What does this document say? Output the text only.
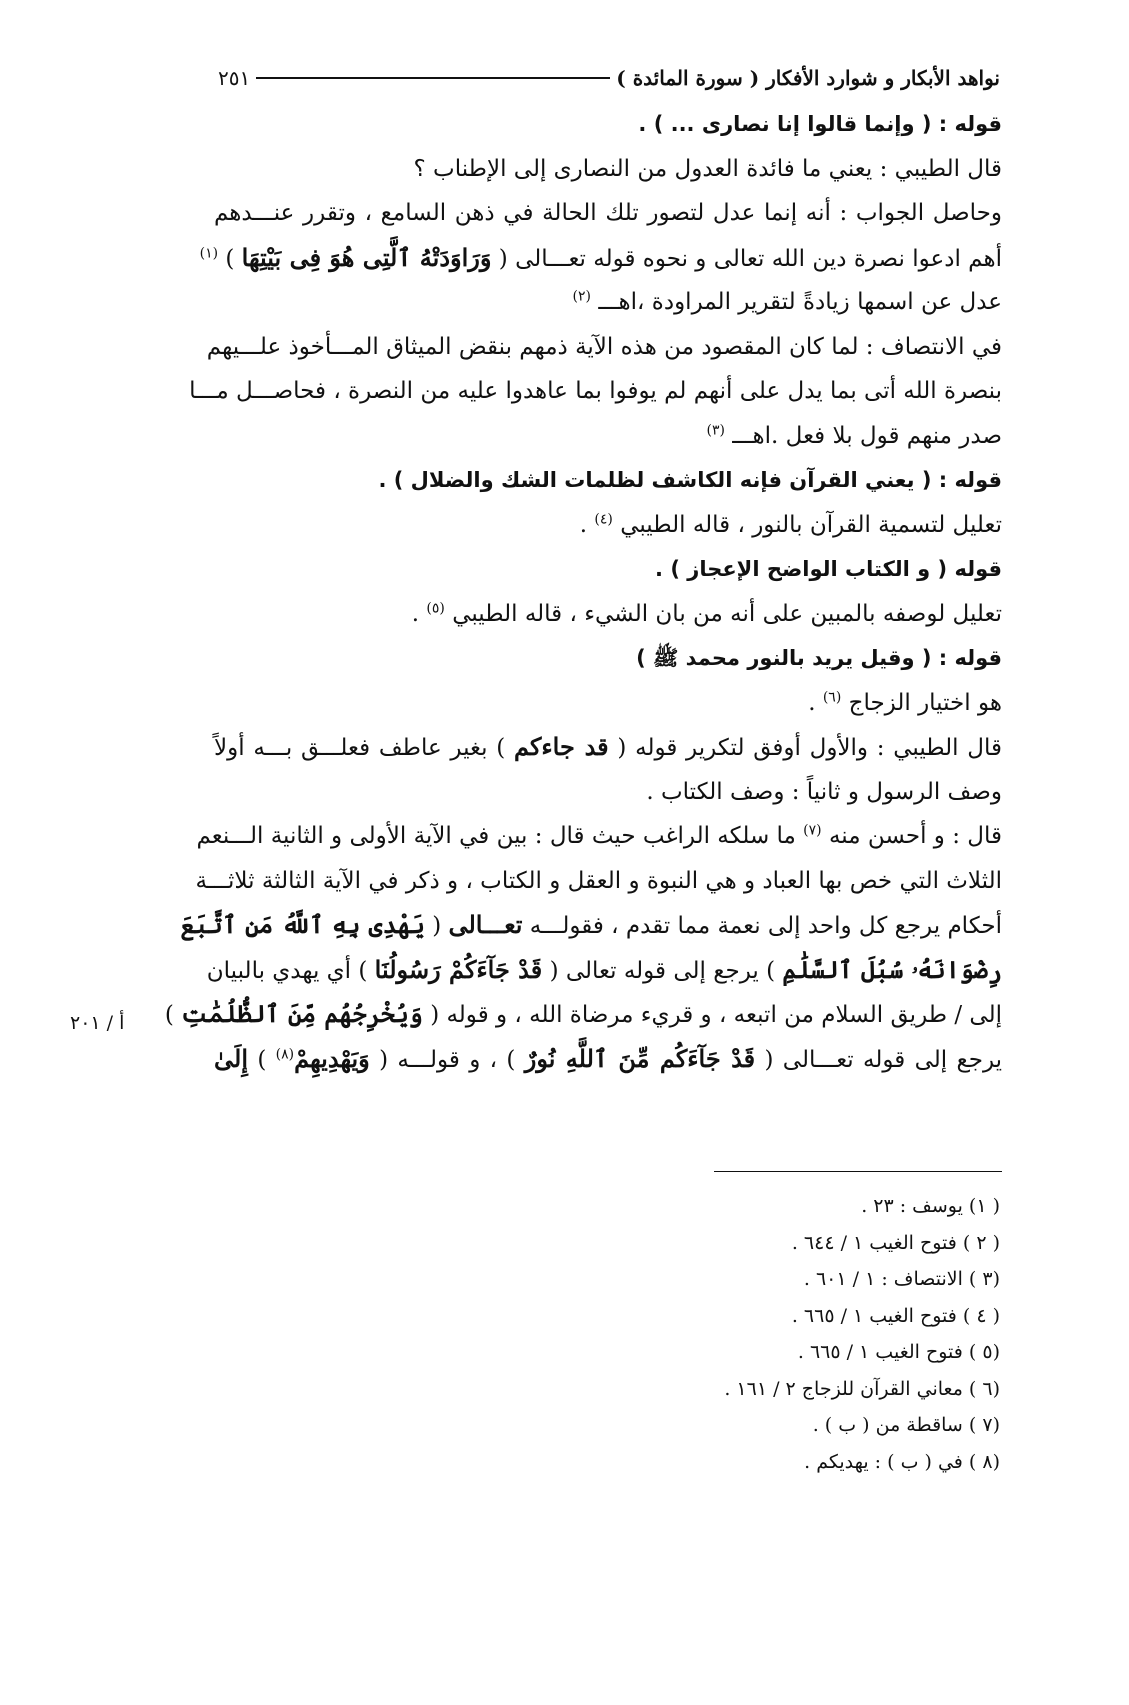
نواهد الأبكار و شوارد الأفكار ( سورة المائدة )
٢٥١
قوله : ( وإنما قالوا إنا نصارى ... ) .
قال الطيبي : يعني ما فائدة العدول من النصارى إلى الإطناب ؟
وحاصل الجواب : أنه إنما عدل لتصور تلك الحالة في ذهن السامع ، وتقرر عنـــدهم
أهم ادعوا نصرة دين الله تعالى و نحوه قوله تعـــالى ( وَرَاوَدَتْهُ ٱلَّتِى هُوَ فِى بَيْتِهَا ) $^{(١)}$
عدل عن اسمها زيادةً لتقرير المراودة ،اهـــ $^{(٢)}$
في الانتصاف : لما كان المقصود من هذه الآية ذمهم بنقض الميثاق المـــأخوذ علـــيهم
بنصرة الله أتى بما يدل على أنهم لم يوفوا بما عاهدوا عليه من النصرة ، فحاصـــل مـــا
صدر منهم قول بلا فعل .اهـــ $^{(٣)}$
قوله : ( يعني القرآن فإنه الكاشف لظلمات الشك والضلال ) .
تعليل لتسمية القرآن بالنور ، قاله الطيبي $^{(٤)}$ .
قوله ( و الكتاب الواضح الإعجاز ) .
تعليل لوصفه بالمبين على أنه من بان الشيء ، قاله الطيبي $^{(٥)}$ .
قوله : ( وقيل يريد بالنور محمد ﷺ )
هو اختيار الزجاج $^{(٦)}$ .
قال الطيبي : والأول أوفق لتكرير قوله ( قد جاءكم ) بغير عاطف فعلـــق بـــه أولاً
وصف الرسول و ثانياً : وصف الكتاب .
قال : و أحسن منه $^{(٧)}$ ما سلكه الراغب حيث قال : بين في الآية الأولى و الثانية الـــنعم
الثلاث التي خص بها العباد و هي النبوة و العقل و الكتاب ، و ذكر في الآية الثالثة ثلاثـــة
أحكام يرجع كل واحد إلى نعمة مما تقدم ، فقولـــه تعـــالى ( يَهْدِى بِهِ ٱللَّهُ مَنِ ٱتَّبَعَ
رِضْوَانَهُۥ سُبُلَ ٱلسَّلَٰمِ ) يرجع إلى قوله تعالى ( قَدْ جَآءَكُمْ رَسُولُنَا ) أي يهدي بالبيان
إلى / طريق السلام من اتبعه ، و قريء مرضاة الله ، و قوله ( وَيُخْرِجُهُم مِّنَ ٱلظُّلُمَٰتِ )
يرجع إلى قوله تعـــالى ( قَدْ جَآءَكُم مِّنَ ٱللَّهِ نُورٌ ) ، و قولـــه ( وَيَهْدِيهِمْ$^{(٨)}$ ) إِلَىٰ
أ / ٢٠١
( ١) يوسف : ٢٣ .
( ٢ ) فتوح الغيب ١ / ٦٤٤ .
(٣ ) الانتصاف : ١ / ٦٠١ .
( ٤ ) فتوح الغيب ١ / ٦٦٥ .
(٥ ) فتوح الغيب ١ / ٦٦٥ .
(٦ ) معاني القرآن للزجاج ٢ / ١٦١ .
(٧ ) ساقطة من ( ب ) .
(٨ ) في ( ب ) : يهديكم .
